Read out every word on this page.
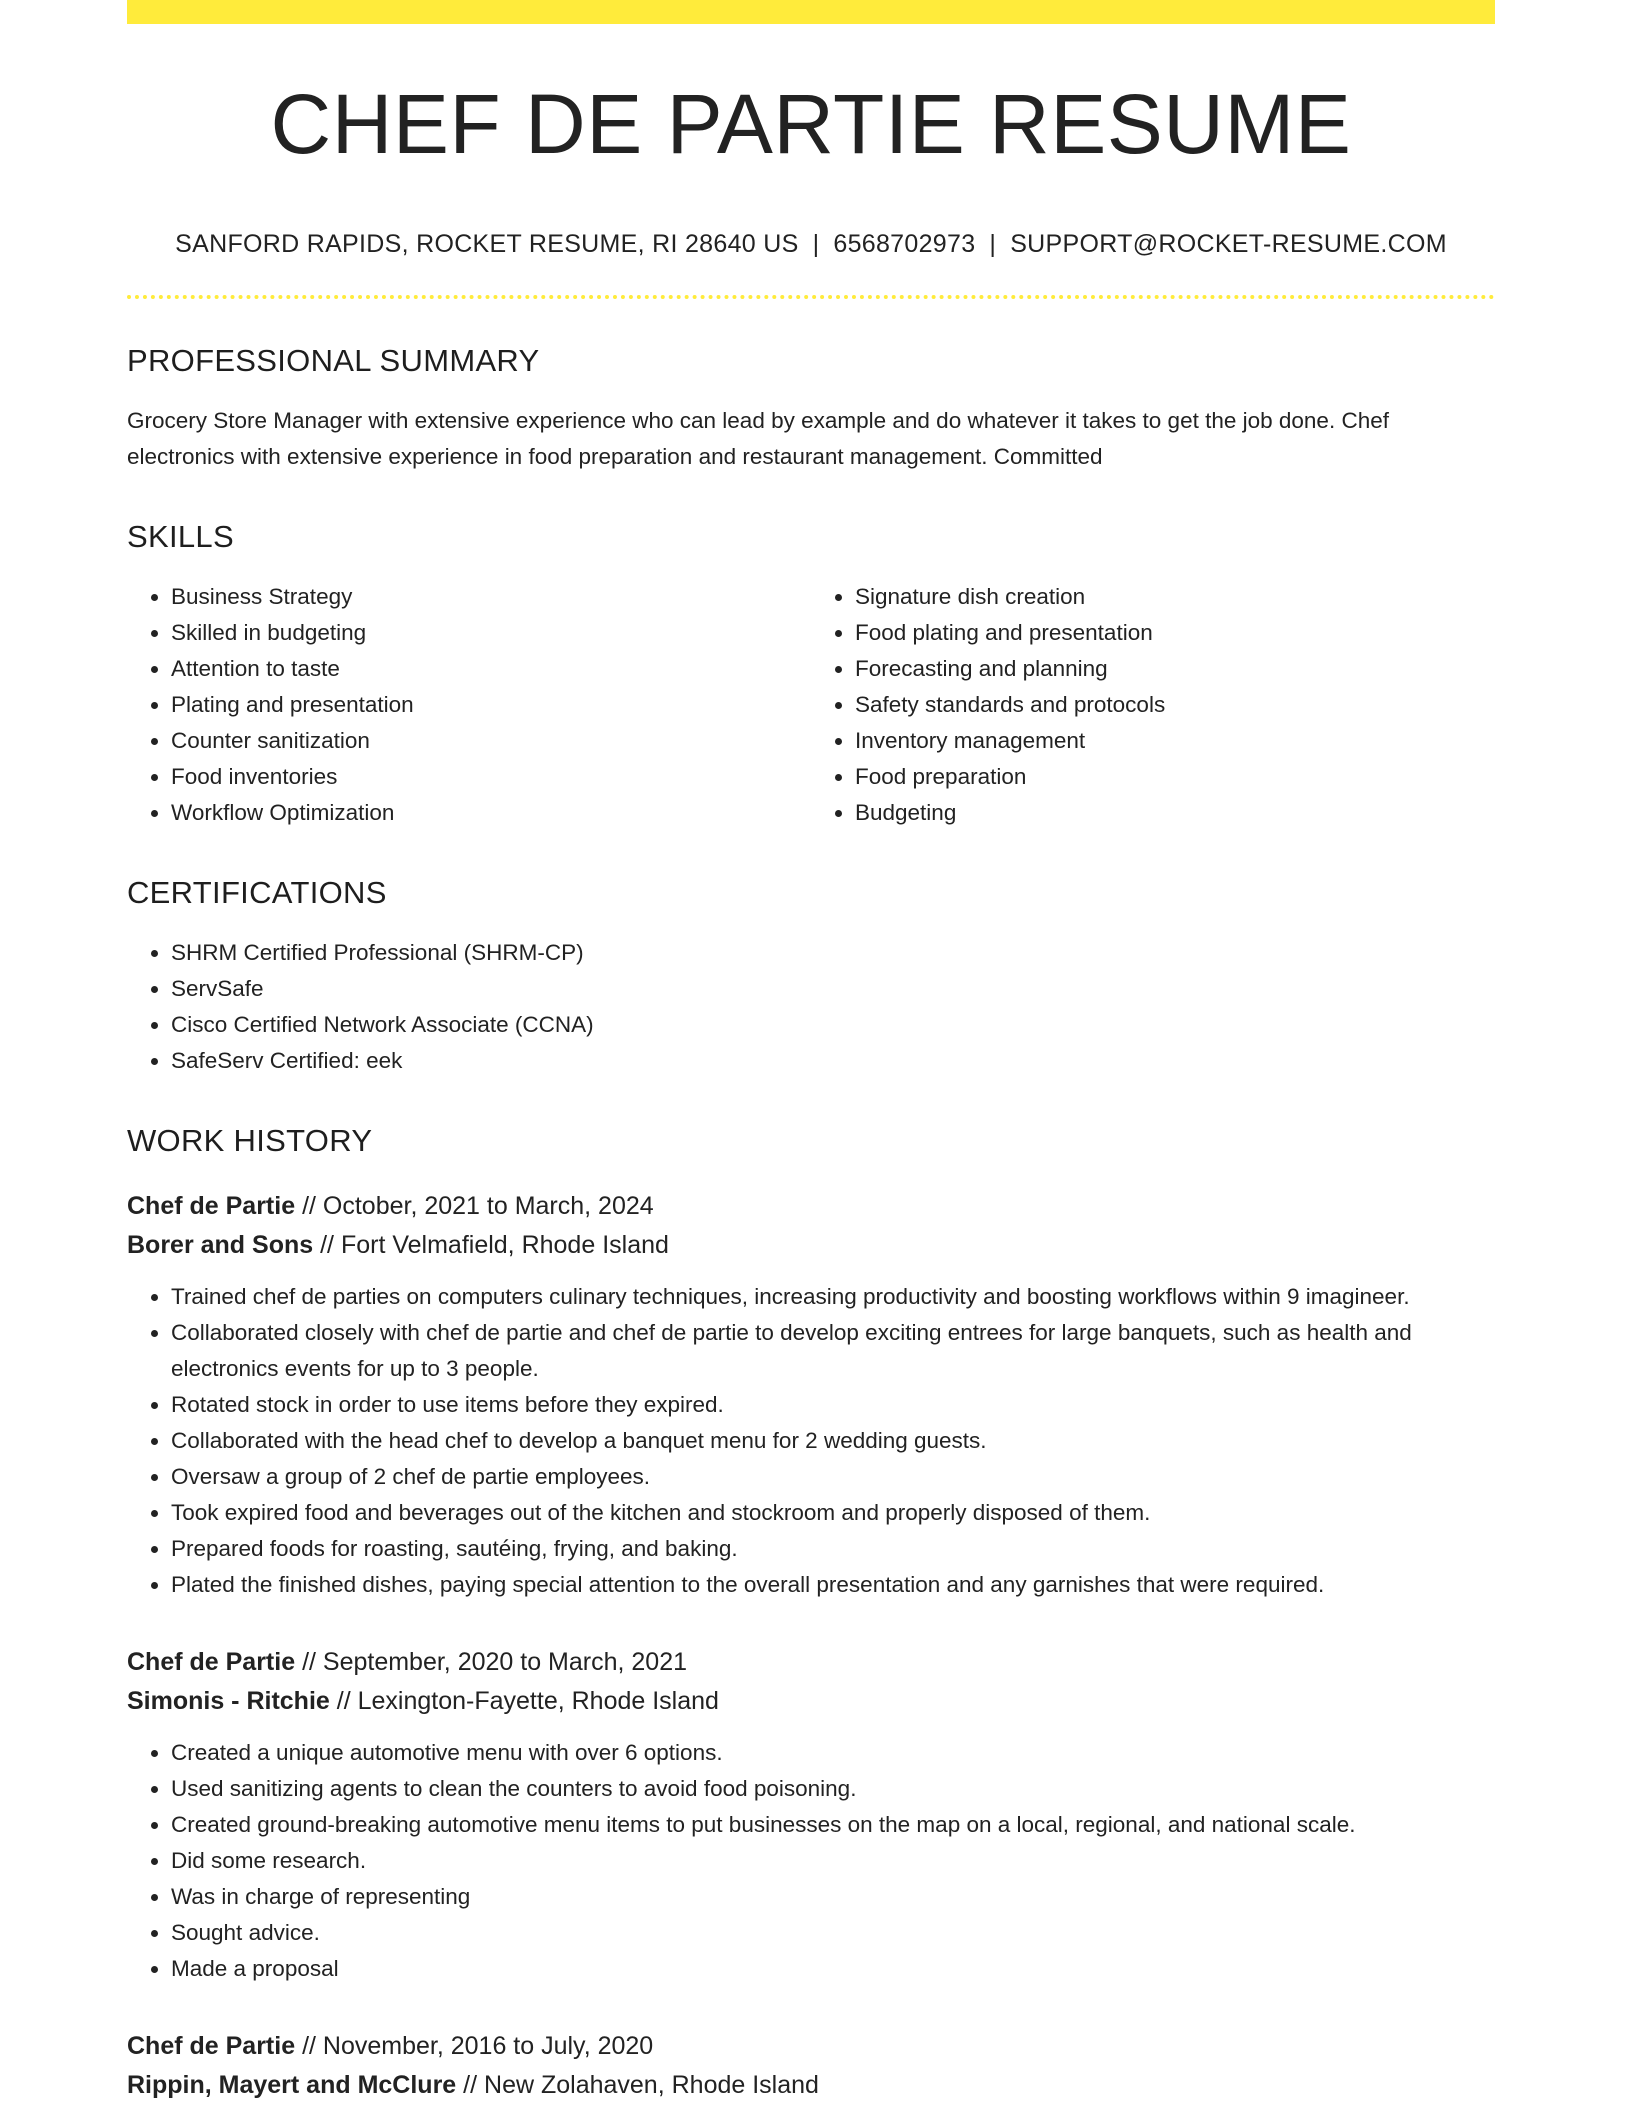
CHEF DE PARTIE RESUME
SANFORD RAPIDS, ROCKET RESUME, RI 28640 US | 6568702973 | SUPPORT@ROCKET-RESUME.COM
PROFESSIONAL SUMMARY
Grocery Store Manager with extensive experience who can lead by example and do whatever it takes to get the job done. Chef electronics with extensive experience in food preparation and restaurant management. Committed
SKILLS
• Business Strategy
• Skilled in budgeting
• Attention to taste
• Plating and presentation
• Counter sanitization
• Food inventories
• Workflow Optimization
• Signature dish creation
• Food plating and presentation
• Forecasting and planning
• Safety standards and protocols
• Inventory management
• Food preparation
• Budgeting
CERTIFICATIONS
• SHRM Certified Professional (SHRM-CP)
• ServSafe
• Cisco Certified Network Associate (CCNA)
• SafeServ Certified: eek
WORK HISTORY
Chef de Partie // October, 2021 to March, 2024
Borer and Sons // Fort Velmafield, Rhode Island
• Trained chef de parties on computers culinary techniques, increasing productivity and boosting workflows within 9 imagineer.
• Collaborated closely with chef de partie and chef de partie to develop exciting entrees for large banquets, such as health and electronics events for up to 3 people.
• Rotated stock in order to use items before they expired.
• Collaborated with the head chef to develop a banquet menu for 2 wedding guests.
• Oversaw a group of 2 chef de partie employees.
• Took expired food and beverages out of the kitchen and stockroom and properly disposed of them.
• Prepared foods for roasting, sautéing, frying, and baking.
• Plated the finished dishes, paying special attention to the overall presentation and any garnishes that were required.
Chef de Partie // September, 2020 to March, 2021
Simonis - Ritchie // Lexington-Fayette, Rhode Island
• Created a unique automotive menu with over 6 options.
• Used sanitizing agents to clean the counters to avoid food poisoning.
• Created ground-breaking automotive menu items to put businesses on the map on a local, regional, and national scale.
• Did some research.
• Was in charge of representing
• Sought advice.
• Made a proposal
Chef de Partie // November, 2016 to July, 2020
Rippin, Mayert and McClure // New Zolahaven, Rhode Island
